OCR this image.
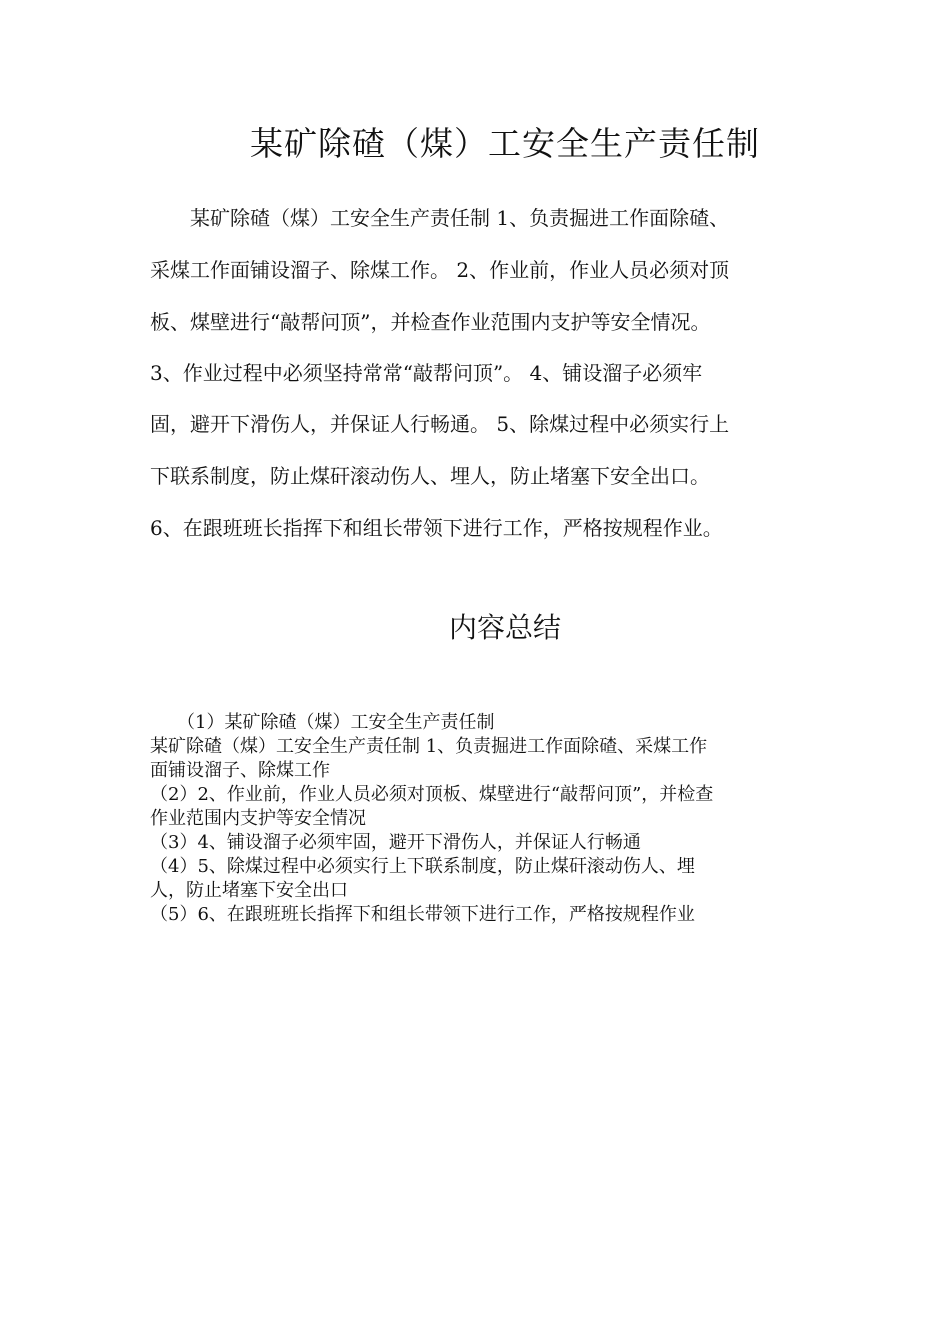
某矿除碴（煤）工安全生产责任制
　　某矿除碴（煤）工安全生产责任制 1、负责掘进工作面除碴、
采煤工作面铺设溜子、除煤工作。 2、作业前，作业人员必须对顶
板、煤壁进行“敲帮问顶”，并检查作业范围内支护等安全情况。
3、作业过程中必须坚持常常“敲帮问顶”。 4、铺设溜子必须牢
固，避开下滑伤人，并保证人行畅通。 5、除煤过程中必须实行上
下联系制度，防止煤矸滚动伤人、埋人，防止堵塞下安全出口。
6、在跟班班长指挥下和组长带领下进行工作，严格按规程作业。
内容总结
　　（1）某矿除碴（煤）工安全生产责任制
某矿除碴（煤）工安全生产责任制 1、负责掘进工作面除碴、采煤工作
面铺设溜子、除煤工作
（2）2、作业前，作业人员必须对顶板、煤壁进行“敲帮问顶”，并检查
作业范围内支护等安全情况
（3）4、铺设溜子必须牢固，避开下滑伤人，并保证人行畅通
（4）5、除煤过程中必须实行上下联系制度，防止煤矸滚动伤人、埋
人，防止堵塞下安全出口
（5）6、在跟班班长指挥下和组长带领下进行工作，严格按规程作业
